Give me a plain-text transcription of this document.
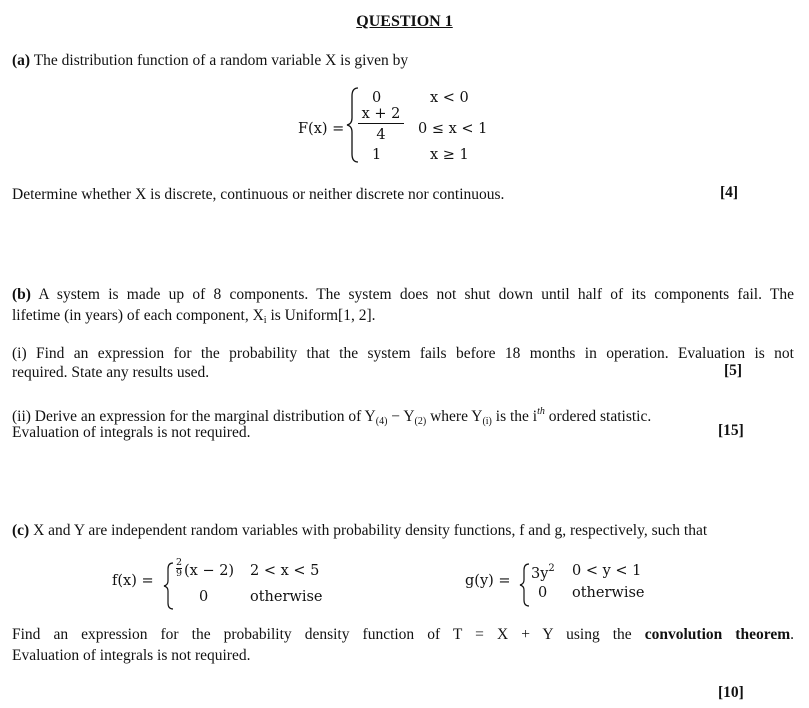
QUESTION 1
(a) The distribution function of a random variable X is given by
F(x) =
0	x < 0
x + 2
4	0 ≤ x < 1
1	x ≥ 1
Determine whether X is discrete, continuous or neither discrete nor continuous.	[4]
(b) A system is made up of 8 components. The system does not shut down until half of its components fail. The
lifetime (in years) of each component, $X_i$ is Uniform[1, 2].
(i) Find an expression for the probability that the system fails before 18 months in operation. Evaluation is not
required. State any results used.	[5]
(ii) Derive an expression for the marginal distribution of $Y_{(4)} - Y_{(2)}$ where $Y_{(i)}$ is the $i^{th}$ ordered statistic.
Evaluation of integrals is not required.	[15]
(c) X and Y are independent random variables with probability density functions, f and g, respectively, such that
f(x) =
2
9 (x − 2) 2 < x < 5
0	otherwise
$g(y) = 3y^2$ 0 < y < 1
0 otherwise
Find an expression for the probability density function of T = X + Y using the convolution theorem.
Evaluation of integrals is not required.
[10]
